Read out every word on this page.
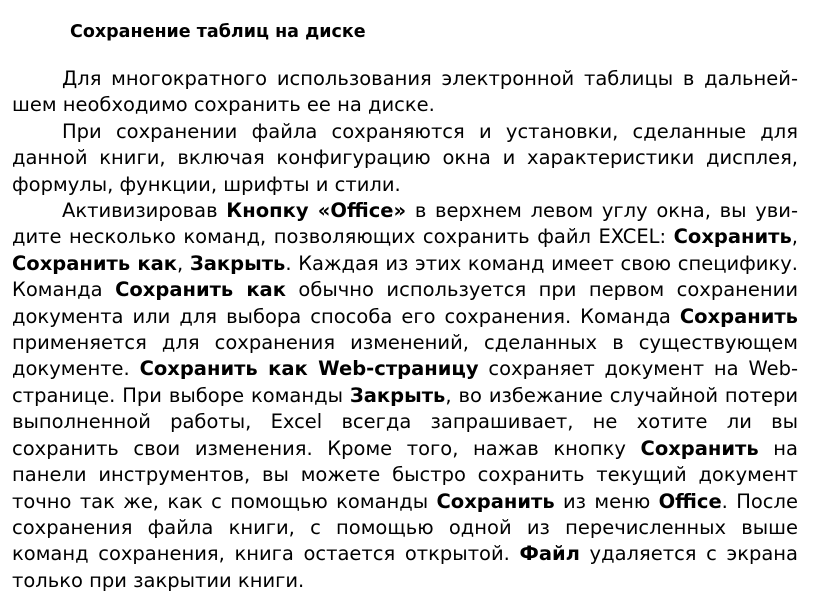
Сохранение таблиц на диске

Для многократного использования электронной таблицы в дальнейшем необходимо сохранить ее на диске.

При сохранении файла сохраняются и установки, сделанные для данной книги, включая конфигурацию окна и характеристики дисплея, формулы, функции, шрифты и стили.

Активизировав Кнопку «Office» в верхнем левом углу окна, вы увидите несколько команд, позволяющих сохранить файл EXCEL: Сохранить, Сохранить как, Закрыть. Каждая из этих команд имеет свою специфику. Команда Сохранить как обычно используется при первом сохранении документа или для выбора способа его сохранения. Команда Сохранить применяется для сохранения изменений, сделанных в существующем документе. Сохранить как Web-страницу сохраняет документ на Web-странице. При выборе команды Закрыть, во избежание случайной потери выполненной работы, Excel всегда запрашивает, не хотите ли вы сохранить свои изменения. Кроме того, нажав кнопку Сохранить на панели инструментов, вы можете быстро сохранить текущий документ точно так же, как с помощью команды Сохранить из меню Office. После сохранения файла книги, с помощью одной из перечисленных выше команд сохранения, книга остается открытой. Файл удаляется с экрана только при закрытии книги.
